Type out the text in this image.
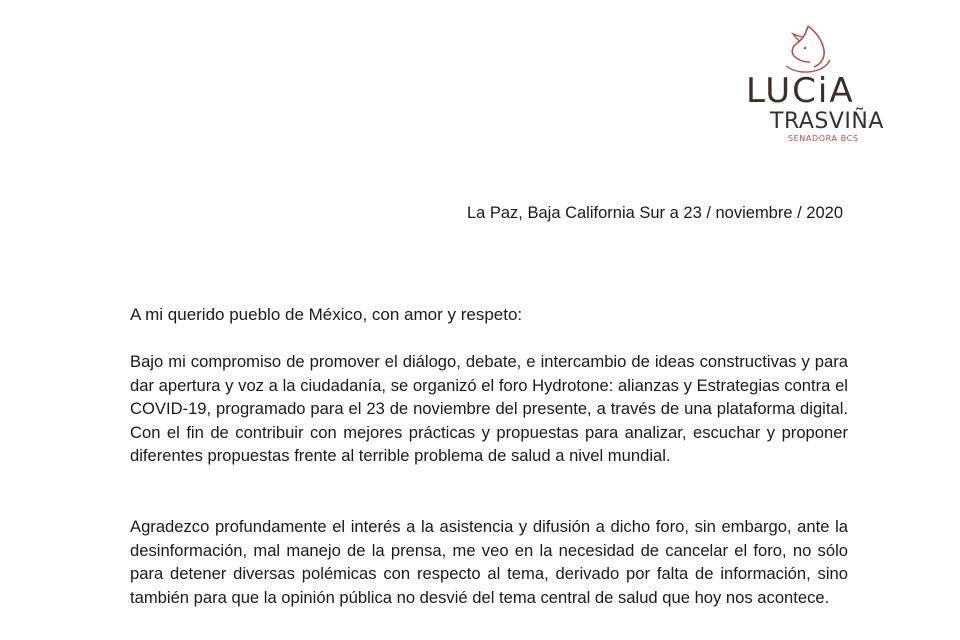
LUCiA
TRASVIÑA
SENADORA BCS
La Paz, Baja California Sur a 23 / noviembre / 2020
A mi querido pueblo de México, con amor y respeto:

Bajo mi compromiso de promover el diálogo, debate, e intercambio de ideas constructivas y para dar apertura y voz a la ciudadanía, se organizó el foro Hydrotone: alianzas y Estrategias contra el COVID-19, programado para el 23 de noviembre del presente, a través de una plataforma digital. Con el fin de contribuir con mejores prácticas y propuestas para analizar, escuchar y proponer diferentes propuestas frente al terrible problema de salud a nivel mundial.

Agradezco profundamente el interés a la asistencia y difusión a dicho foro, sin embargo, ante la desinformación, mal manejo de la prensa, me veo en la necesidad de cancelar el foro, no sólo para detener diversas polémicas con respecto al tema, derivado por falta de información, sino también para que la opinión pública no desvié del tema central de salud que hoy nos acontece.
